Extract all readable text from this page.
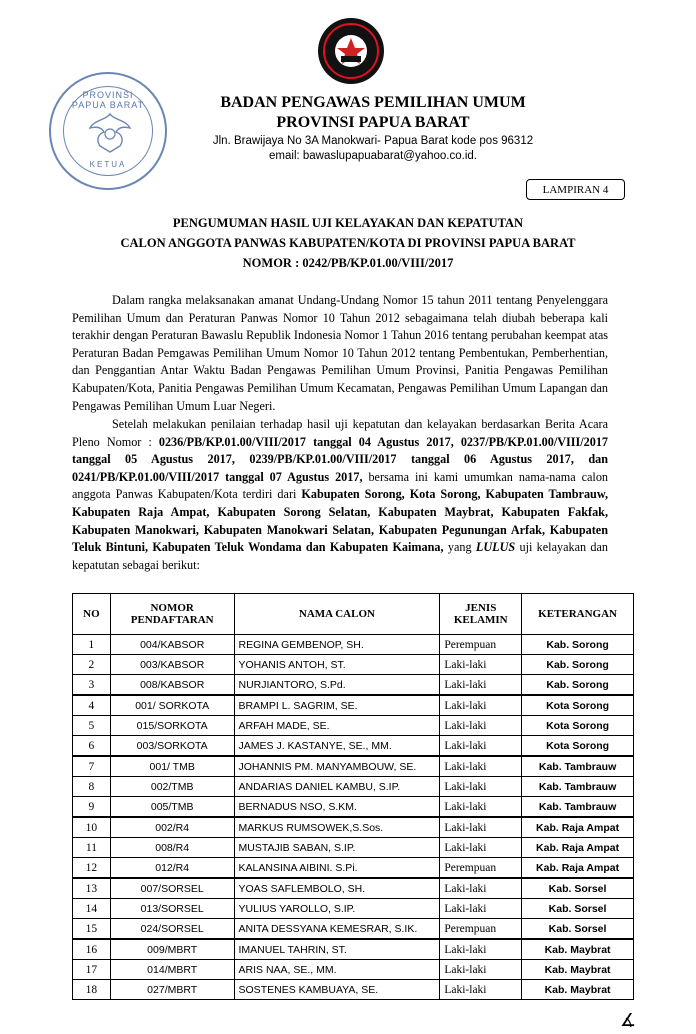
PROVINSI PAPUA BARAT
KETUA
BADAN PENGAWAS PEMILIHAN UMUM
PROVINSI PAPUA BARAT
Jln. Brawijaya No 3A Manokwari- Papua Barat kode pos 96312
email: bawaslupapuabarat@yahoo.co.id.
LAMPIRAN 4
PENGUMUMAN HASIL UJI KELAYAKAN DAN KEPATUTAN
CALON ANGGOTA PANWAS KABUPATEN/KOTA DI PROVINSI PAPUA BARAT
NOMOR : 0242/PB/KP.01.00/VIII/2017
Dalam rangka melaksanakan amanat Undang-Undang Nomor 15 tahun 2011 tentang Penyelenggara Pemilihan Umum dan Peraturan Panwas Nomor 10 Tahun 2012 sebagaimana telah diubah beberapa kali terakhir dengan Peraturan Bawaslu Republik Indonesia Nomor 1 Tahun 2016 tentang perubahan keempat atas Peraturan Badan Pemgawas Pemilihan Umum Nomor 10 Tahun 2012 tentang Pembentukan, Pemberhentian, dan Penggantian Antar Waktu Badan Pengawas Pemilihan Umum Provinsi, Panitia Pengawas Pemilihan Kabupaten/Kota, Panitia Pengawas Pemilihan Umum Kecamatan, Pengawas Pemilihan Umum Lapangan dan Pengawas Pemilihan Umum Luar Negeri.
Setelah melakukan penilaian terhadap hasil uji kepatutan dan kelayakan berdasarkan Berita Acara Pleno Nomor : 0236/PB/KP.01.00/VIII/2017 tanggal 04 Agustus 2017, 0237/PB/KP.01.00/VIII/2017 tanggal 05 Agustus 2017, 0239/PB/KP.01.00/VIII/2017 tanggal 06 Agustus 2017, dan 0241/PB/KP.01.00/VIII/2017 tanggal 07 Agustus 2017, bersama ini kami umumkan nama-nama calon anggota Panwas Kabupaten/Kota terdiri dari Kabupaten Sorong, Kota Sorong, Kabupaten Tambrauw, Kabupaten Raja Ampat, Kabupaten Sorong Selatan, Kabupaten Maybrat, Kabupaten Fakfak, Kabupaten Manokwari, Kabupaten Manokwari Selatan, Kabupaten Pegunungan Arfak, Kabupaten Teluk Bintuni, Kabupaten Teluk Wondama dan Kabupaten Kaimana, yang LULUS uji kelayakan dan kepatutan sebagai berikut:
NO	NOMOR PENDAFTARAN	NAMA CALON	JENIS KELAMIN	KETERANGAN
1	004/KABSOR	REGINA GEMBENOP, SH.	Perempuan	Kab. Sorong
2	003/KABSOR	YOHANIS ANTOH, ST.	Laki-laki	Kab. Sorong
3	008/KABSOR	NURJIANTORO, S.Pd.	Laki-laki	Kab. Sorong
4	001/ SORKOTA	BRAMPI L. SAGRIM, SE.	Laki-laki	Kota Sorong
5	015/SORKOTA	ARFAH MADE, SE.	Laki-laki	Kota Sorong
6	003/SORKOTA	JAMES J. KASTANYE, SE., MM.	Laki-laki	Kota Sorong
7	001/ TMB	JOHANNIS PM. MANYAMBOUW, SE.	Laki-laki	Kab. Tambrauw
8	002/TMB	ANDARIAS DANIEL KAMBU, S.IP.	Laki-laki	Kab. Tambrauw
9	005/TMB	BERNADUS NSO, S.KM.	Laki-laki	Kab. Tambrauw
10	002/R4	MARKUS RUMSOWEK,S.Sos.	Laki-laki	Kab. Raja Ampat
11	008/R4	MUSTAJIB SABAN, S.IP.	Laki-laki	Kab. Raja Ampat
12	012/R4	KALANSINA AIBINI. S.Pi.	Perempuan	Kab. Raja Ampat
13	007/SORSEL	YOAS SAFLEMBOLO, SH.	Laki-laki	Kab. Sorsel
14	013/SORSEL	YULIUS YAROLLO, S.IP.	Laki-laki	Kab. Sorsel
15	024/SORSEL	ANITA DESSYANA KEMESRAR, S.IK.	Perempuan	Kab. Sorsel
16	009/MBRT	IMANUEL TAHRIN, ST.	Laki-laki	Kab. Maybrat
17	014/MBRT	ARIS NAA, SE., MM.	Laki-laki	Kab. Maybrat
18	027/MBRT	SOSTENES KAMBUAYA, SE.	Laki-laki	Kab. Maybrat
∡
